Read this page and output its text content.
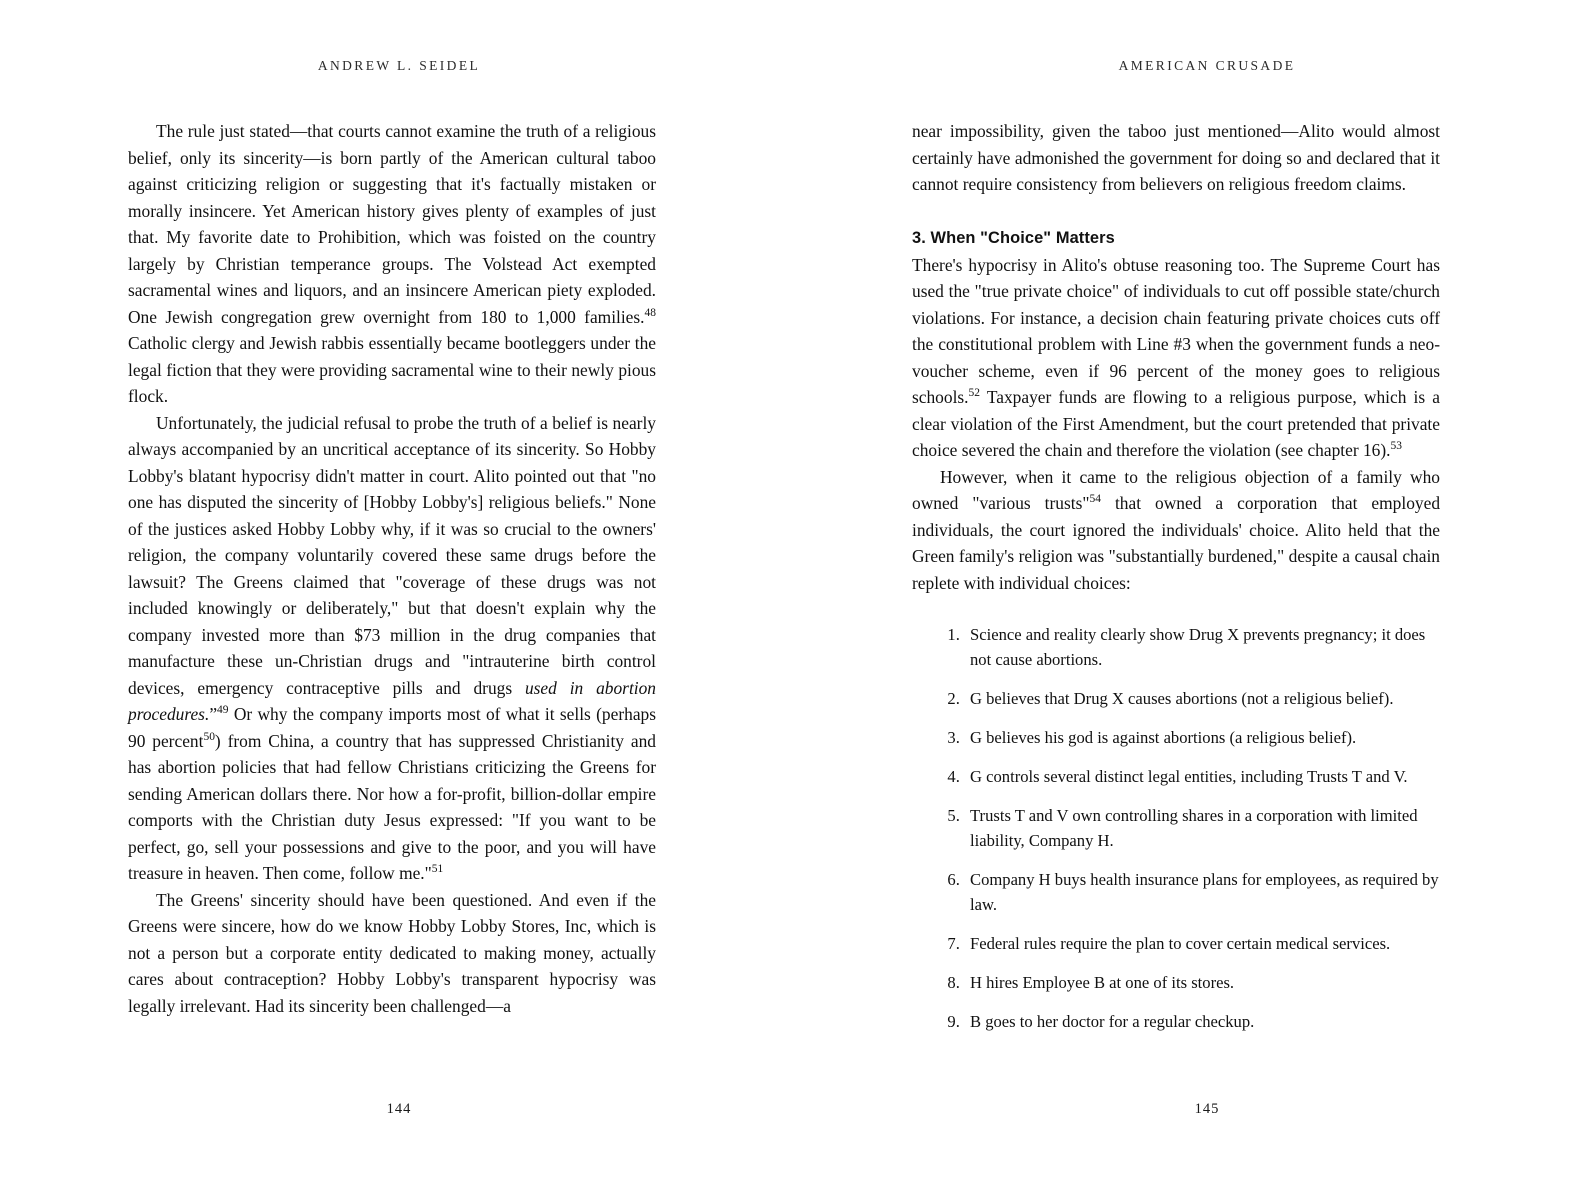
ANDREW L. SEIDEL

The rule just stated—that courts cannot examine the truth of a religious belief, only its sincerity—is born partly of the American cultural taboo against criticizing religion or suggesting that it's factually mistaken or morally insincere. Yet American history gives plenty of examples of just that. My favorite date to Prohibition, which was foisted on the country largely by Christian temperance groups. The Volstead Act exempted sacramental wines and liquors, and an insincere American piety exploded. One Jewish congregation grew overnight from 180 to 1,000 families.$^{48}$ Catholic clergy and Jewish rabbis essentially became bootleggers under the legal fiction that they were providing sacramental wine to their newly pious flock.

Unfortunately, the judicial refusal to probe the truth of a belief is nearly always accompanied by an uncritical acceptance of its sincerity. So Hobby Lobby's blatant hypocrisy didn't matter in court. Alito pointed out that "no one has disputed the sincerity of [Hobby Lobby's] religious beliefs." None of the justices asked Hobby Lobby why, if it was so crucial to the owners' religion, the company voluntarily covered these same drugs before the lawsuit? The Greens claimed that "coverage of these drugs was not included knowingly or deliberately," but that doesn't explain why the company invested more than $73 million in the drug companies that manufacture these un-Christian drugs and "intrauterine birth control devices, emergency contraceptive pills and drugs used in abortion procedures.”$^{49}$ Or why the company imports most of what it sells (perhaps 90 percent$^{50}$) from China, a country that has suppressed Christianity and has abortion policies that had fellow Christians criticizing the Greens for sending American dollars there. Nor how a for-profit, billion-dollar empire comports with the Christian duty Jesus expressed: "If you want to be perfect, go, sell your possessions and give to the poor, and you will have treasure in heaven. Then come, follow me."$^{51}$

The Greens' sincerity should have been questioned. And even if the Greens were sincere, how do we know Hobby Lobby Stores, Inc, which is not a person but a corporate entity dedicated to making money, actually cares about contraception? Hobby Lobby's transparent hypocrisy was legally irrelevant. Had its sincerity been challenged—a

144
AMERICAN CRUSADE

near impossibility, given the taboo just mentioned—Alito would almost certainly have admonished the government for doing so and declared that it cannot require consistency from believers on religious freedom claims.

3. When "Choice" Matters

There's hypocrisy in Alito's obtuse reasoning too. The Supreme Court has used the "true private choice" of individuals to cut off possible state/church violations. For instance, a decision chain featuring private choices cuts off the constitutional problem with Line #3 when the government funds a neo-voucher scheme, even if 96 percent of the money goes to religious schools.$^{52}$ Taxpayer funds are flowing to a religious purpose, which is a clear violation of the First Amendment, but the court pretended that private choice severed the chain and therefore the violation (see chapter 16).$^{53}$

However, when it came to the religious objection of a family who owned "various trusts"$^{54}$ that owned a corporation that employed individuals, the court ignored the individuals' choice. Alito held that the Green family's religion was "substantially burdened," despite a causal chain replete with individual choices:

1. Science and reality clearly show Drug X prevents pregnancy; it does not cause abortions.
2. G believes that Drug X causes abortions (not a religious belief).
3. G believes his god is against abortions (a religious belief).
4. G controls several distinct legal entities, including Trusts T and V.
5. Trusts T and V own controlling shares in a corporation with limited liability, Company H.
6. Company H buys health insurance plans for employees, as required by law.
7. Federal rules require the plan to cover certain medical services.
8. H hires Employee B at one of its stores.
9. B goes to her doctor for a regular checkup.
145
